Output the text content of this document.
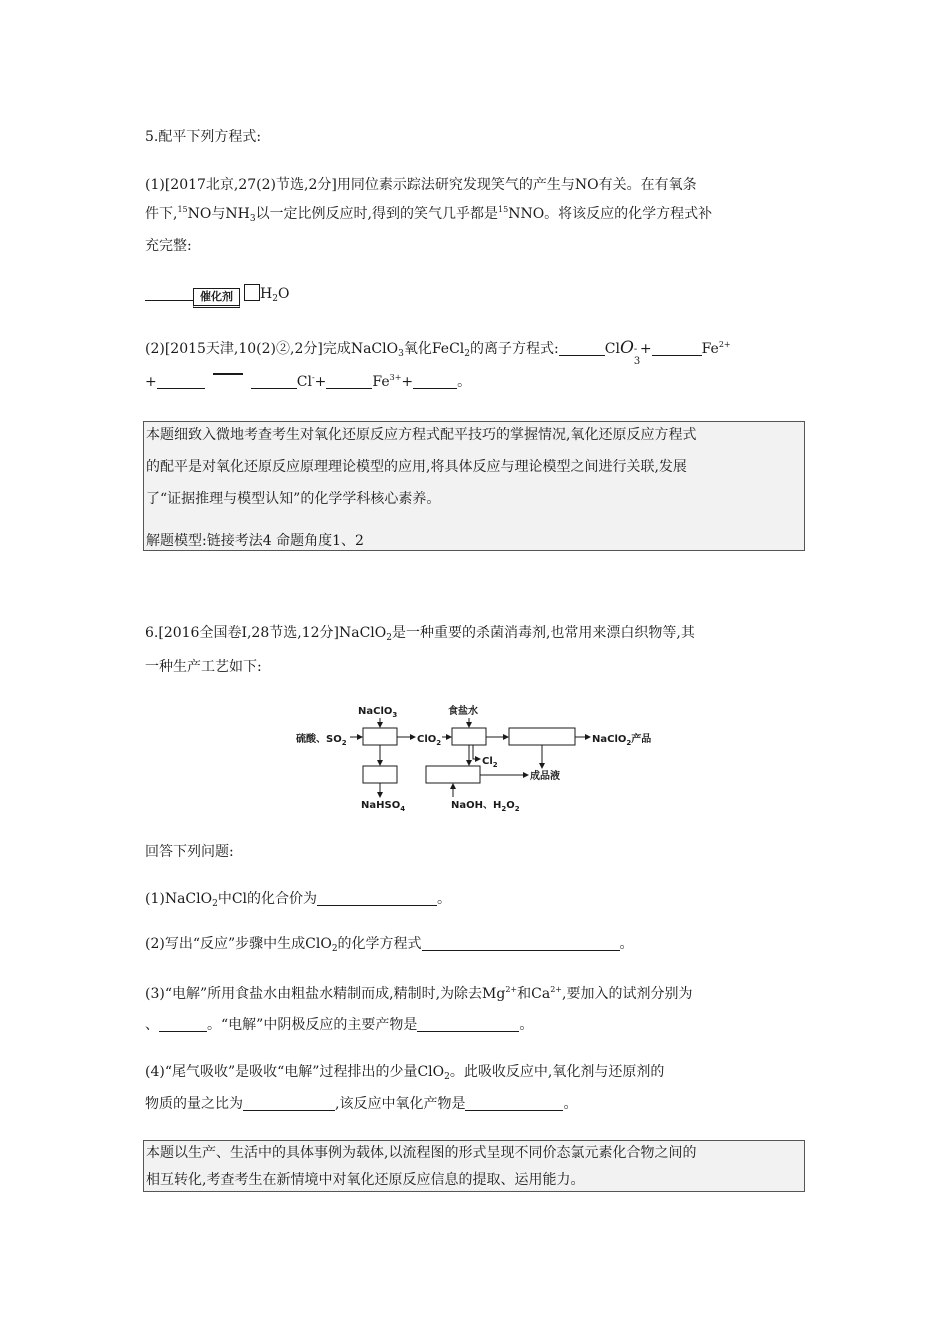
5.配平下列方程式:
(1)[2017北京,27(2)节选,2分]用同位素示踪法研究发现笑气的产生与NO有关。在有氧条
件下,$^{15}$NO与$NH_3$以一定比例反应时,得到的笑气几乎都是$^{15}$NNO。将该反应的化学方程式补
充完整:
催化剂 $H_2O$
(2)[2015天津,10(2)②,2分]完成NaClO$_3$氧化FeCl$_2$的离子方程式:	ClO -
3
+	$Fe^{2+}$
+	Cl-+	$Fe^{3+}+$	。
本题细致入微地考查考生对氧化还原反应方程式配平技巧的掌握情况,氧化还原反应方程式
的配平是对氧化还原反应原理理论模型的应用,将具体反应与理论模型之间进行关联,发展
了“证据推理与模型认知”的化学学科核心素养。
解题模型:链接考法4 命题角度1、2
6.[2016全国卷Ⅰ,28节选,12分]NaClO$_2$是一种重要的杀菌消毒剂,也常用来漂白织物等,其
一种生产工艺如下:
NaClO$_3$
硫酸、$SO_2$	ClO$_2$
食盐水
NaClO$_2$产品
$Cl_2$
成品液
NaHSO$_4$	NaOH、$H_2O_2$
回答下列问题:
(1)NaClO$_2$中Cl的化合价为	。
(2)写出“反应”步骤中生成ClO$_2$的化学方程式	。
(3)“电解”所用食盐水由粗盐水精制而成,精制时,为除去$Mg^{2+}$和$Ca^{2+}$,要加入的试剂分别为
、	。“电解”中阴极反应的主要产物是	。
(4)“尾气吸收”是吸收“电解”过程排出的少量ClO$_2$。此吸收反应中,氧化剂与还原剂的
物质的量之比为	,该反应中氧化产物是	。
本题以生产、生活中的具体事例为载体,以流程图的形式呈现不同价态氯元素化合物之间的
相互转化,考查考生在新情境中对氧化还原反应信息的提取、运用能力。
